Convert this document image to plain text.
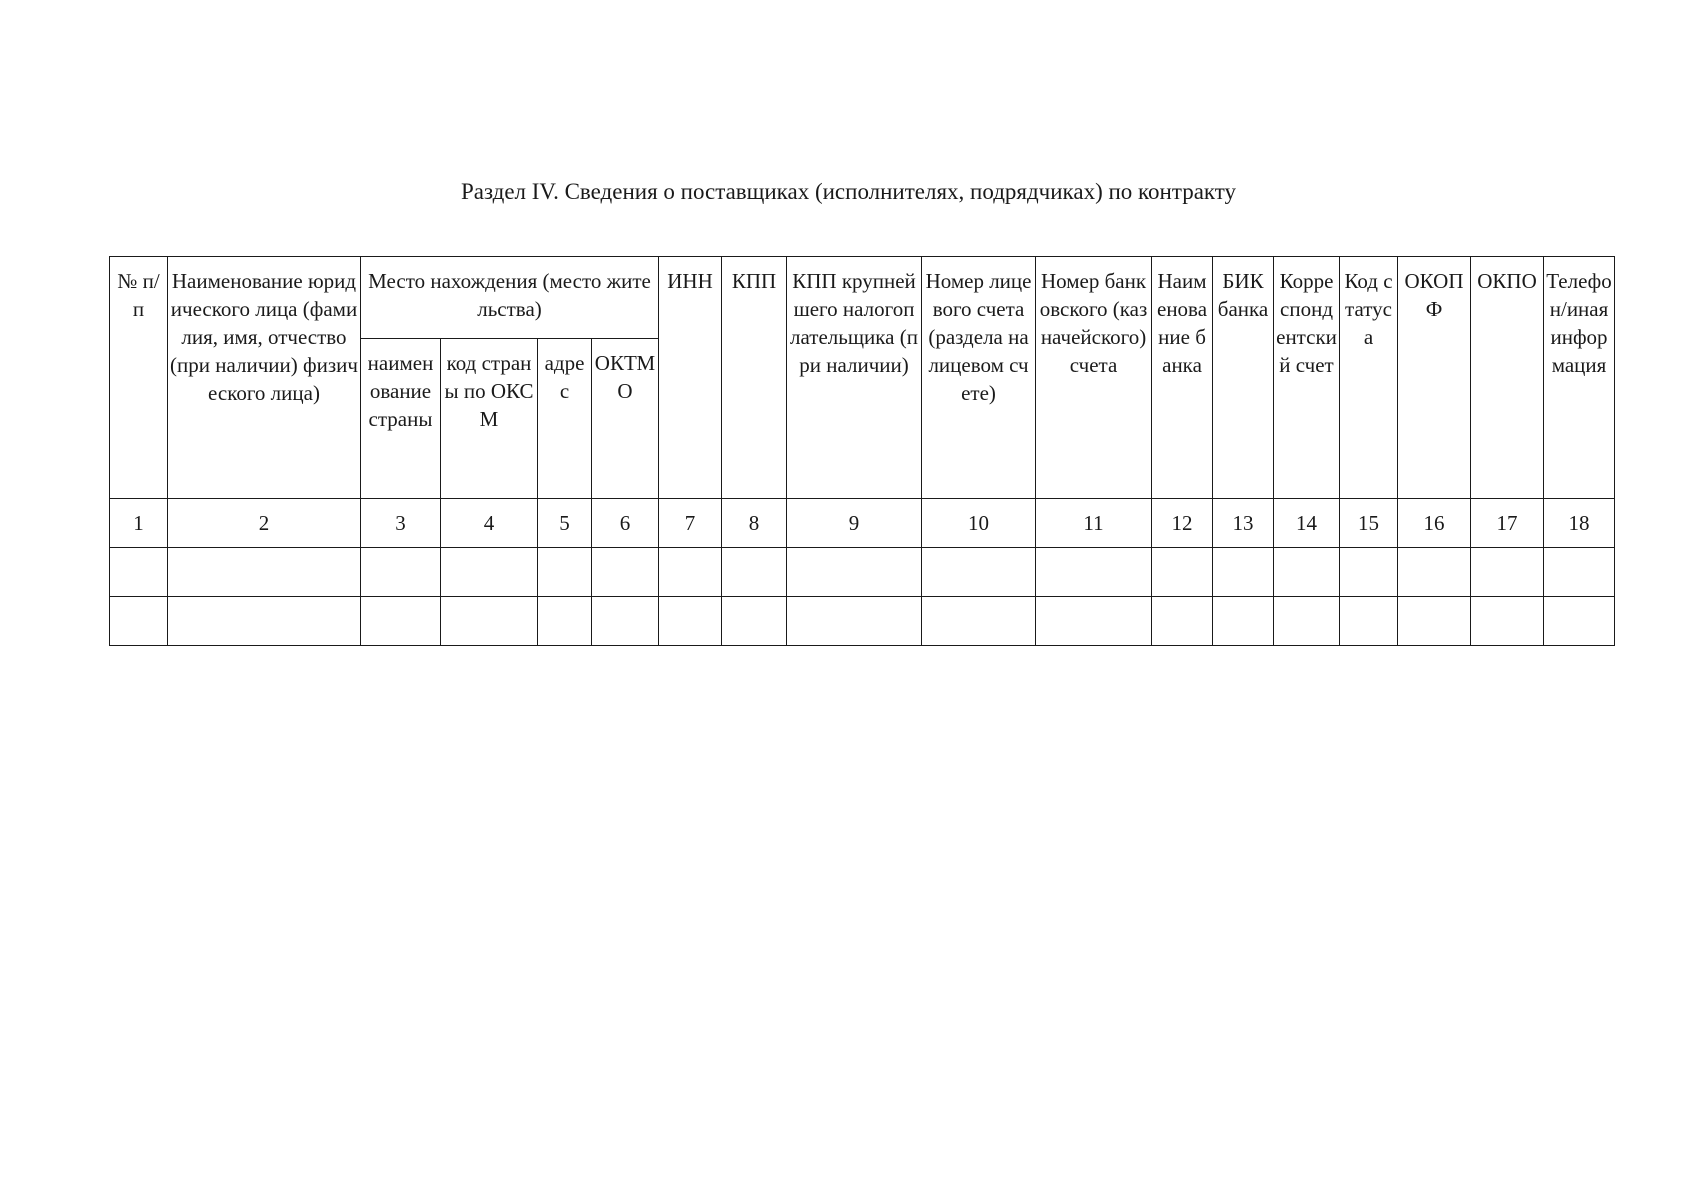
Раздел IV. Сведения о поставщиках (исполнителях, подрядчиках) по контракту
№ п/п	Наименование юридического лица (фамилия, имя, отчество (при наличии) физического лица)	Место нахождения (место жительства)				ИНН	КПП	КПП крупнейшего налогоплательщика (при наличии)	Номер лицевого счета (раздела на лицевом счете)	Номер банковского (казначейского) счета	Наименование банка	БИК банка	Корреспондентский счет	Код статуса	ОКОПФ	ОКПО	Телефон/иная информация
		наименование страны	код страны по ОКСМ	адрес	ОКТМО												
1	2	3	4	5	6	7	8	9	10	11	12	13	14	15	16	17	18
